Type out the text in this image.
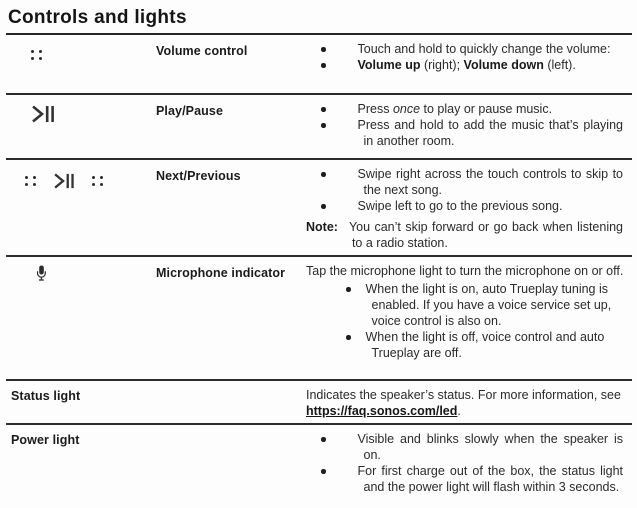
Controls and lights
Volume control	Touch and hold to quickly change the volume:
Volume up (right); Volume down (left).
Play/Pause	Press once to play or pause music.
Press and hold to add the music that’s playing in another room.
Next/Previous	Swipe right across the touch controls to skip to the next song.
Swipe left to go to the previous song.
Note: You can’t skip forward or go back when listening to a radio station.
Microphone indicator	Tap the microphone light to turn the microphone on or off.
When the light is on, auto Trueplay tuning is enabled. If you have a voice service set up, voice control is also on.
When the light is off, voice control and auto Trueplay are off.
Status light	Indicates the speaker’s status. For more information, see https://faq.sonos.com/led.
Power light	Visible and blinks slowly when the speaker is on.
For first charge out of the box, the status light and the power light will flash within 3 seconds.
